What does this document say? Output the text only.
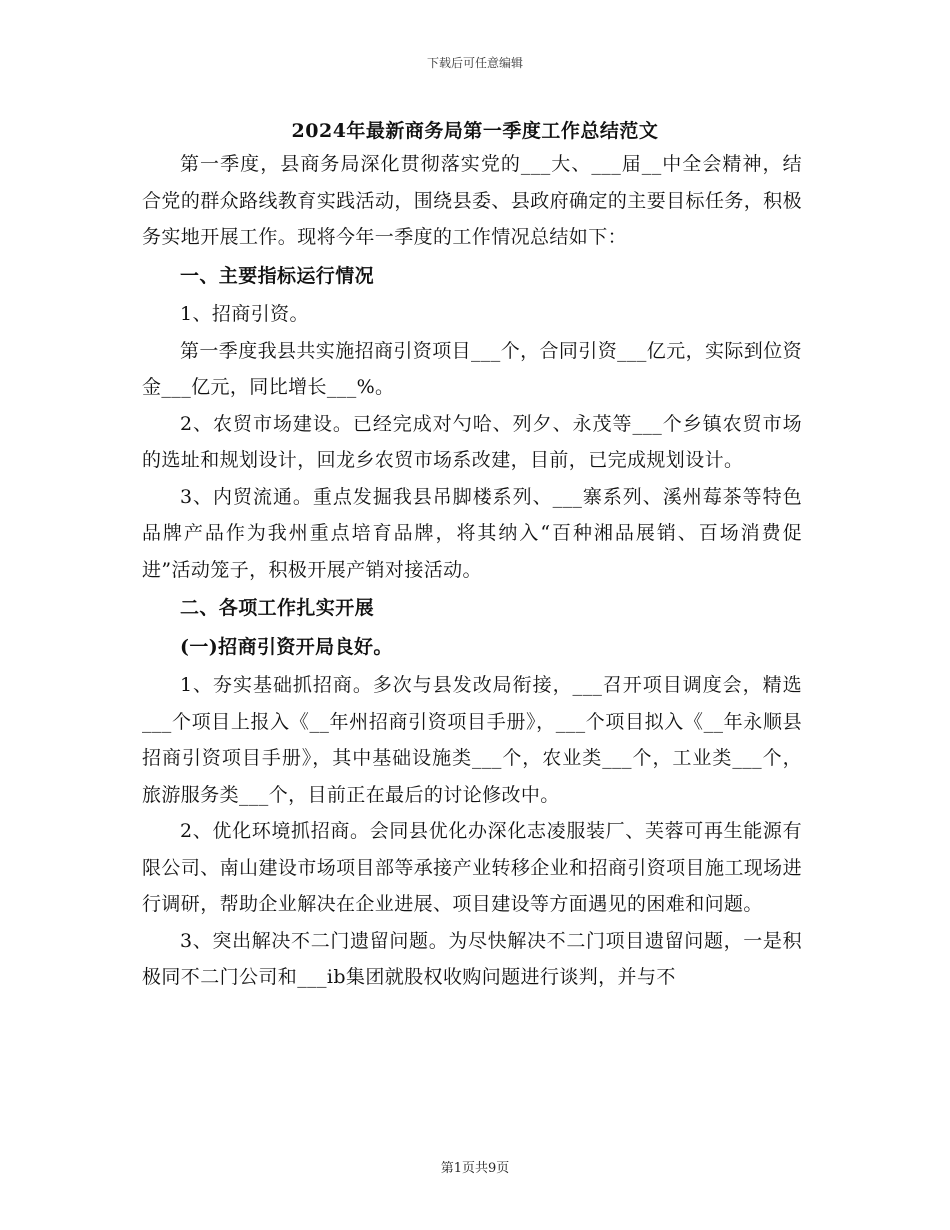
下载后可任意编辑
2024年最新商务局第一季度工作总结范文

第一季度，县商务局深化贯彻落实党的___大、___届__中全会精神，结合党的群众路线教育实践活动，围绕县委、县政府确定的主要目标任务，积极务实地开展工作。现将今年一季度的工作情况总结如下：

一、主要指标运行情况

1、招商引资。

第一季度我县共实施招商引资项目___个，合同引资___亿元，实际到位资金___亿元，同比增长___%。

2、农贸市场建设。已经完成对勺哈、列夕、永茂等___个乡镇农贸市场的选址和规划设计，回龙乡农贸市场系改建，目前，已完成规划设计。

3、内贸流通。重点发掘我县吊脚楼系列、___寨系列、溪州莓茶等特色品牌产品作为我州重点培育品牌，将其纳入“百种湘品展销、百场消费促进”活动笼子，积极开展产销对接活动。

二、各项工作扎实开展

(一)招商引资开局良好。

1、夯实基础抓招商。多次与县发改局衔接，___召开项目调度会，精选___个项目上报入《__年州招商引资项目手册》，___个项目拟入《__年永顺县招商引资项目手册》，其中基础设施类___个，农业类___个，工业类___个，旅游服务类___个，目前正在最后的讨论修改中。

2、优化环境抓招商。会同县优化办深化志凌服装厂、芙蓉可再生能源有限公司、南山建设市场项目部等承接产业转移企业和招商引资项目施工现场进行调研，帮助企业解决在企业进展、项目建设等方面遇见的困难和问题。

3、突出解决不二门遗留问题。为尽快解决不二门项目遗留问题，一是积极同不二门公司和___ib集团就股权收购问题进行谈判，并与不

第1页共9页
